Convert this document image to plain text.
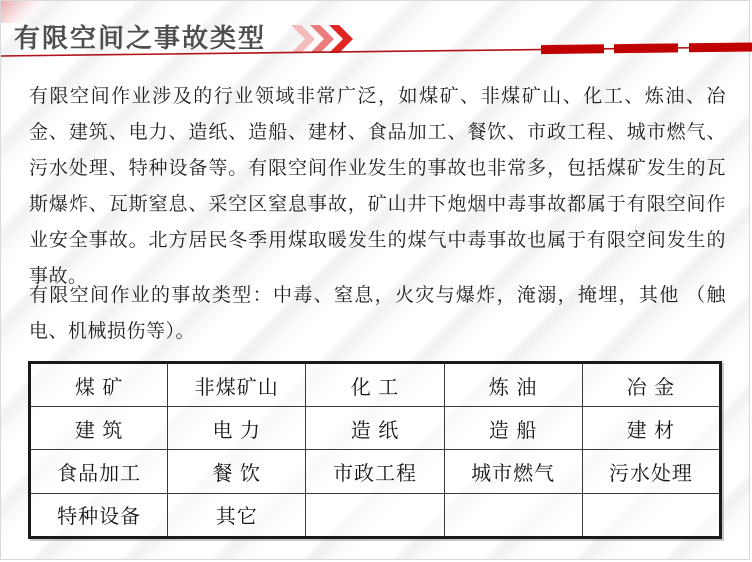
有限空间之事故类型

有限空间作业涉及的行业领域非常广泛，如煤矿、非煤矿山、化工、炼油、冶金、建筑、电力、造纸、造船、建材、食品加工、餐饮、市政工程、城市燃气、污水处理、特种设备等。有限空间作业发生的事故也非常多，包括煤矿发生的瓦斯爆炸、瓦斯窒息、采空区窒息事故，矿山井下炮烟中毒事故都属于有限空间作业安全事故。北方居民冬季用煤取暖发生的煤气中毒事故也属于有限空间发生的事故。

有限空间作业的事故类型：中毒、窒息，火灾与爆炸，淹溺，掩埋，其他 （触电、机械损伤等）。

煤 矿	非煤矿山	化 工	炼 油	冶 金
建 筑	电 力	造 纸	造 船	建 材
食品加工	餐 饮	市政工程	城市燃气	污水处理
特种设备	其它			
